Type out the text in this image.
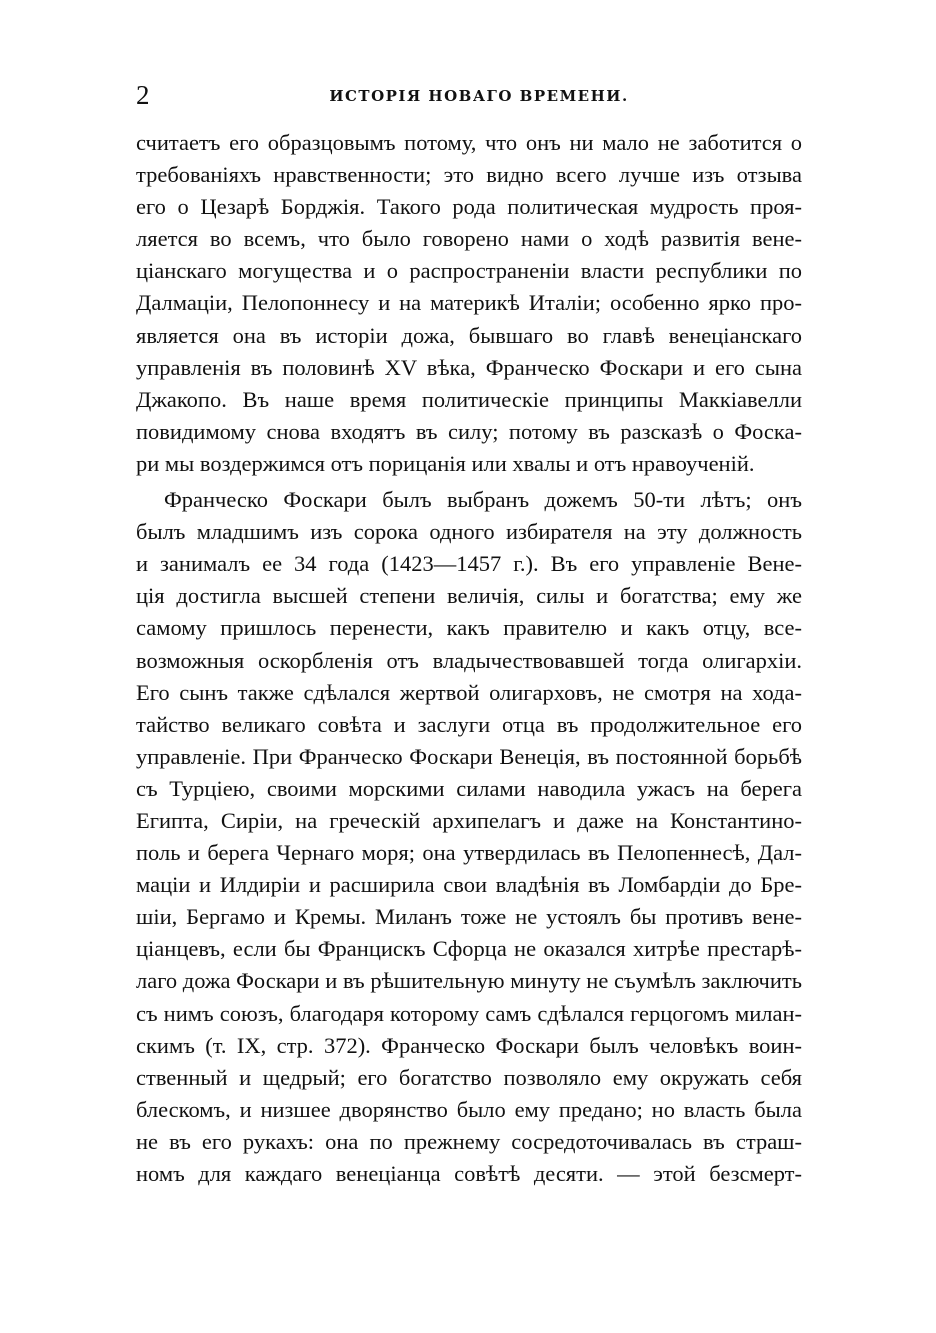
2	ИСТОРІЯ НОВАГО ВРЕМЕНИ.
считаетъ его образцовымъ потому, что онъ ни мало не заботится о
требованіяхъ нравственности; это видно всего лучше изъ отзыва
его о Цезарѣ Борджія. Такого рода политическая мудрость проя-
ляется во всемъ, что было говорено нами о ходѣ развитія вене-
ціанскаго могущества и о распространеніи власти республики по
Далмаціи, Пелопоннесу и на материкѣ Италіи; особенно ярко про-
является она въ исторіи дожа, бывшаго во главѣ венеціанскаго
управленія въ половинѣ XV вѣка, Франческо Фоскари и его сына
Джакопо. Въ наше время политическіе принципы Маккіавелли
повидимому снова входятъ въ силу; потому въ разсказѣ о Фоска-
ри мы воздержимся отъ порицанія или хвалы и отъ нравоученій.
Франческо Фоскари былъ выбранъ дожемъ 50-ти лѣтъ; онъ
былъ младшимъ изъ сорока одного избирателя на эту должность
и занималъ ее 34 года (1423—1457 г.). Въ его управленіе Вене-
ція достигла высшей степени величія, силы и богатства; ему же
самому пришлось перенести, какъ правителю и какъ отцу, все-
возможныя оскорбленія отъ владычествовавшей тогда олигархіи.
Его сынъ также сдѣлался жертвой олигарховъ, не смотря на хода-
тайство великаго совѣта и заслуги отца въ продолжительное его
управленіе. При Франческо Фоскари Венеція, въ постоянной борьбѣ
съ Турціею, своими морскими силами наводила ужасъ на берега
Египта, Сиріи, на греческій архипелагъ и даже на Константино-
поль и берега Чернаго моря; она утвердилась въ Пелопеннесѣ, Дал-
маціи и Илдиріи и расширила свои владѣнія въ Ломбардіи до Бре-
шіи, Бергамо и Кремы. Миланъ тоже не устоялъ бы противъ вене-
ціанцевъ, если бы Францискъ Сфорца не оказался хитрѣе престарѣ-
лаго дожа Фоскари и въ рѣшительную минуту не съумѣлъ заключить
съ нимъ союзъ, благодаря которому самъ сдѣлался герцогомъ милан-
скимъ (т. IX, стр. 372). Франческо Фоскари былъ человѣкъ воин-
ственный и щедрый; его богатство позволяло ему окружать себя
блескомъ, и низшее дворянство было ему предано; но власть была
не въ его рукахъ: она по прежнему сосредоточивалась въ страш-
номъ для каждаго венеціанца совѣтѣ десяти. — этой безсмерт-
